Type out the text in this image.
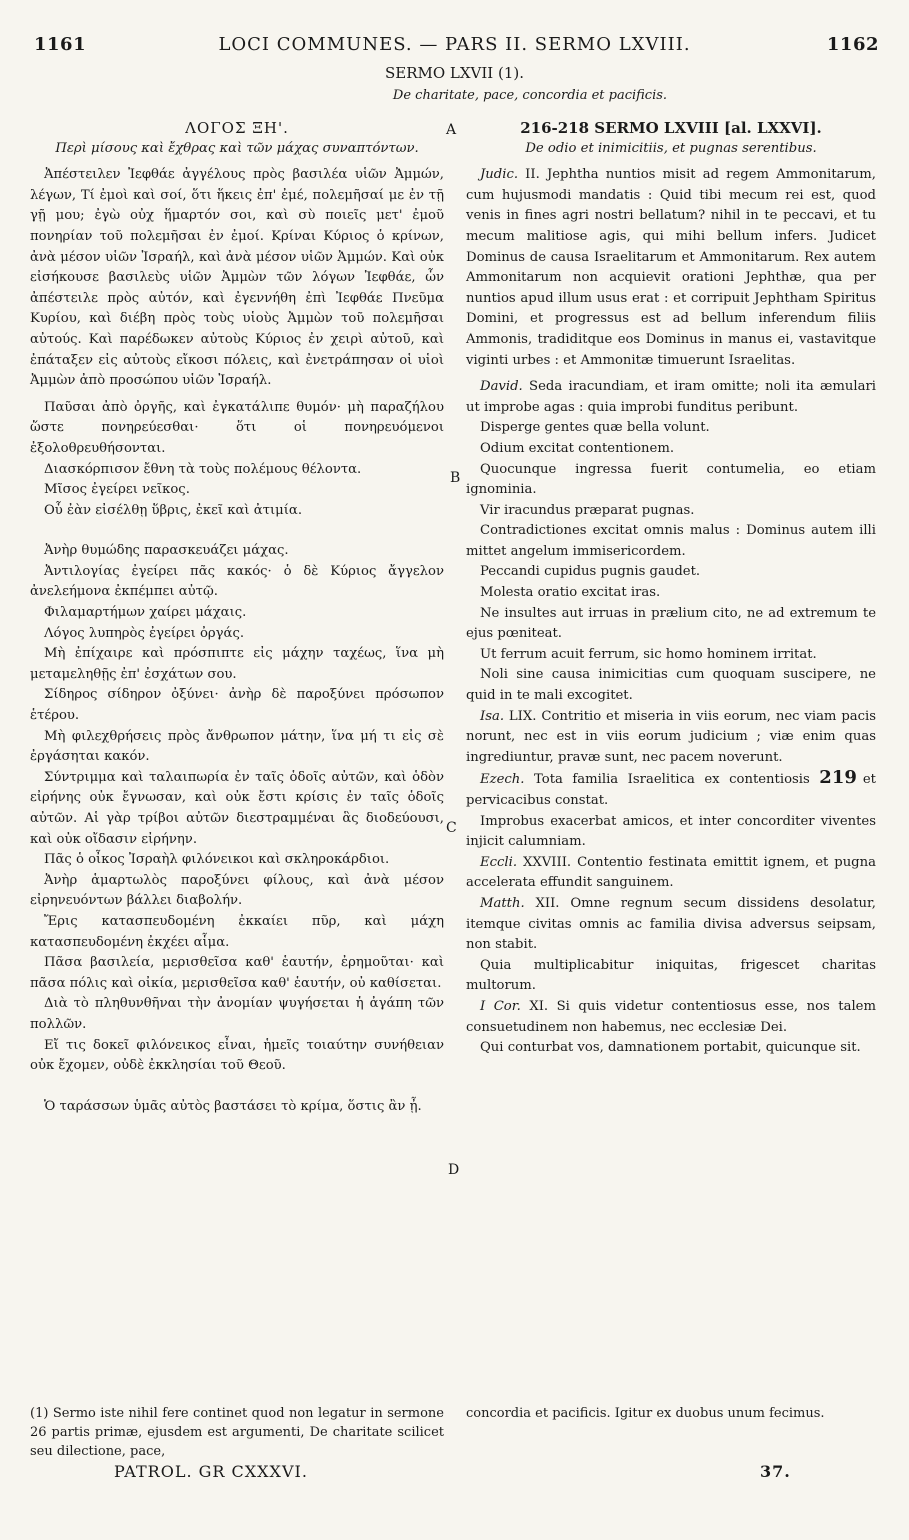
1161	LOCI COMMUNES. — PARS II. SERMO LXVIII.	1162
SERMO LXVII (1).
De charitate, pace, concordia et pacificis.
A
B
C
D

ΛΟΓΟΣ ΞΗ'.

Περὶ μίσους καὶ ἔχθρας καὶ τῶν μάχας συναπτόντων.

Ἀπέστειλεν Ἰεφθάε ἀγγέλους πρὸς βασιλέα υἱῶν Ἀμμών, λέγων, Τί ἐμοὶ καὶ σοί, ὅτι ἥκεις ἐπ' ἐμέ, πολεμῆσαί με ἐν τῇ γῇ μου; ἐγὼ οὐχ ἥμαρτόν σοι, καὶ σὺ ποιεῖς μετ' ἐμοῦ πονηρίαν τοῦ πολεμῆσαι ἐν ἐμοί. Κρίναι Κύριος ὁ κρίνων, ἀνὰ μέσον υἱῶν Ἰσραήλ, καὶ ἀνὰ μέσον υἱῶν Ἀμμών. Καὶ οὐκ εἰσήκουσε βασιλεὺς υἱῶν Ἀμμὼν τῶν λόγων Ἰεφθάε, ὧν ἀπέστειλε πρὸς αὐτόν, καὶ ἐγεννήθη ἐπὶ Ἰεφθάε Πνεῦμα Κυρίου, καὶ διέβη πρὸς τοὺς υἱοὺς Ἀμμὼν τοῦ πολεμῆσαι αὐτούς. Καὶ παρέδωκεν αὐτοὺς Κύριος ἐν χειρὶ αὐτοῦ, καὶ ἐπάταξεν εἰς αὐτοὺς εἴκοσι πόλεις, καὶ ἐνετράπησαν οἱ υἱοὶ Ἀμμὼν ἀπὸ προσώπου υἱῶν Ἰσραήλ.

Παῦσαι ἀπὸ ὀργῆς, καὶ ἐγκατάλιπε θυμόν· μὴ παραζήλου ὥστε πονηρεύεσθαι· ὅτι οἱ πονηρευόμενοι ἐξολοθρευθήσονται.

Διασκόρπισον ἔθνη τὰ τοὺς πολέμους θέλοντα.

Μῖσος ἐγείρει νεῖκος.

Οὗ ἐὰν εἰσέλθῃ ὕβρις, ἐκεῖ καὶ ἀτιμία.

Ἀνὴρ θυμώδης παρασκευάζει μάχας.

Ἀντιλογίας ἐγείρει πᾶς κακός· ὁ δὲ Κύριος ἄγγελον ἀνελεήμονα ἐκπέμπει αὐτῷ.

Φιλαμαρτήμων χαίρει μάχαις.

Λόγος λυπηρὸς ἐγείρει ὀργάς.

Μὴ ἐπίχαιρε καὶ πρόσπιπτε εἰς μάχην ταχέως, ἵνα μὴ μεταμεληθῇς ἐπ' ἐσχάτων σου.

Σίδηρος σίδηρον ὀξύνει· ἀνὴρ δὲ παροξύνει πρόσωπον ἑτέρου.

Μὴ φιλεχθρήσεις πρὸς ἄνθρωπον μάτην, ἵνα μή τι εἰς σὲ ἐργάσηται κακόν.

Σύντριμμα καὶ ταλαιπωρία ἐν ταῖς ὁδοῖς αὐτῶν, καὶ ὁδὸν εἰρήνης οὐκ ἔγνωσαν, καὶ οὐκ ἔστι κρίσις ἐν ταῖς ὁδοῖς αὐτῶν. Αἱ γὰρ τρίβοι αὐτῶν διεστραμμέναι ἃς διοδεύουσι, καὶ οὐκ οἴδασιν εἰρήνην.

Πᾶς ὁ οἶκος Ἰσραὴλ φιλόνεικοι καὶ σκληροκάρδιοι.

Ἀνὴρ ἁμαρτωλὸς παροξύνει φίλους, καὶ ἀνὰ μέσον εἰρηνευόντων βάλλει διαβολήν.

Ἔρις κατασπευδομένη ἐκκαίει πῦρ, καὶ μάχη κατασπευδομένη ἐκχέει αἷμα.

Πᾶσα βασιλεία, μερισθεῖσα καθ' ἑαυτήν, ἐρημοῦται· καὶ πᾶσα πόλις καὶ οἰκία, μερισθεῖσα καθ' ἑαυτήν, οὐ καθίσεται.

Διὰ τὸ πληθυνθῆναι τὴν ἀνομίαν ψυγήσεται ἡ ἀγάπη τῶν πολλῶν.

Εἴ τις δοκεῖ φιλόνεικος εἶναι, ἡμεῖς τοιαύτην συνήθειαν οὐκ ἔχομεν, οὐδὲ ἐκκλησίαι τοῦ Θεοῦ.

Ὁ ταράσσων ὑμᾶς αὐτὸς βαστάσει τὸ κρίμα, ὅστις ἂν ᾖ.

216-218 SERMO LXVIII [al. LXXVI].

De odio et inimicitiis, et pugnas serentibus.

Judic. II. Jephtha nuntios misit ad regem Ammonitarum, cum hujusmodi mandatis : Quid tibi mecum rei est, quod venis in fines agri nostri bellatum? nihil in te peccavi, et tu mecum malitiose agis, qui mihi bellum infers. Judicet Dominus de causa Israelitarum et Ammonitarum. Rex autem Ammonitarum non acquievit orationi Jephthæ, qua per nuntios apud illum usus erat : et corripuit Jephtham Spiritus Domini, et progressus est ad bellum inferendum filiis Ammonis, tradiditque eos Dominus in manus ei, vastavitque viginti urbes : et Ammonitæ timuerunt Israelitas.

David. Seda iracundiam, et iram omitte; noli ita æmulari ut improbe agas : quia improbi funditus peribunt.

Disperge gentes quæ bella volunt.

Odium excitat contentionem.

Quocunque ingressa fuerit contumelia, eo etiam ignominia.

Vir iracundus præparat pugnas.

Contradictiones excitat omnis malus : Dominus autem illi mittet angelum immisericordem.

Peccandi cupidus pugnis gaudet.

Molesta oratio excitat iras.

Ne insultes aut irruas in prælium cito, ne ad extremum te ejus pœniteat.

Ut ferrum acuit ferrum, sic homo hominem irritat.

Noli sine causa inimicitias cum quoquam suscipere, ne quid in te mali excogitet.

Isa. LIX. Contritio et miseria in viis eorum, nec viam pacis norunt, nec est in viis eorum judicium ; viæ enim quas ingrediuntur, pravæ sunt, nec pacem noverunt.

Ezech. Tota familia Israelitica ex contentiosis 219 et pervicacibus constat.

Improbus exacerbat amicos, et inter concorditer viventes injicit calumniam.

Eccli. XXVIII. Contentio festinata emittit ignem, et pugna accelerata effundit sanguinem.

Matth. XII. Omne regnum secum dissidens desolatur, itemque civitas omnis ac familia divisa adversus seipsam, non stabit.

Quia multiplicabitur iniquitas, frigescet charitas multorum.

I Cor. XI. Si quis videtur contentiosus esse, nos talem consuetudinem non habemus, nec ecclesiæ Dei.

Qui conturbat vos, damnationem portabit, quicunque sit.

(1) Sermo iste nihil fere continet quod non legatur in sermone 26 partis primæ, ejusdem est argumenti, De charitate scilicet seu dilectione, pace,
concordia et pacificis. Igitur ex duobus unum fecimus.
PATROL. GR CXXXVI.	37.
